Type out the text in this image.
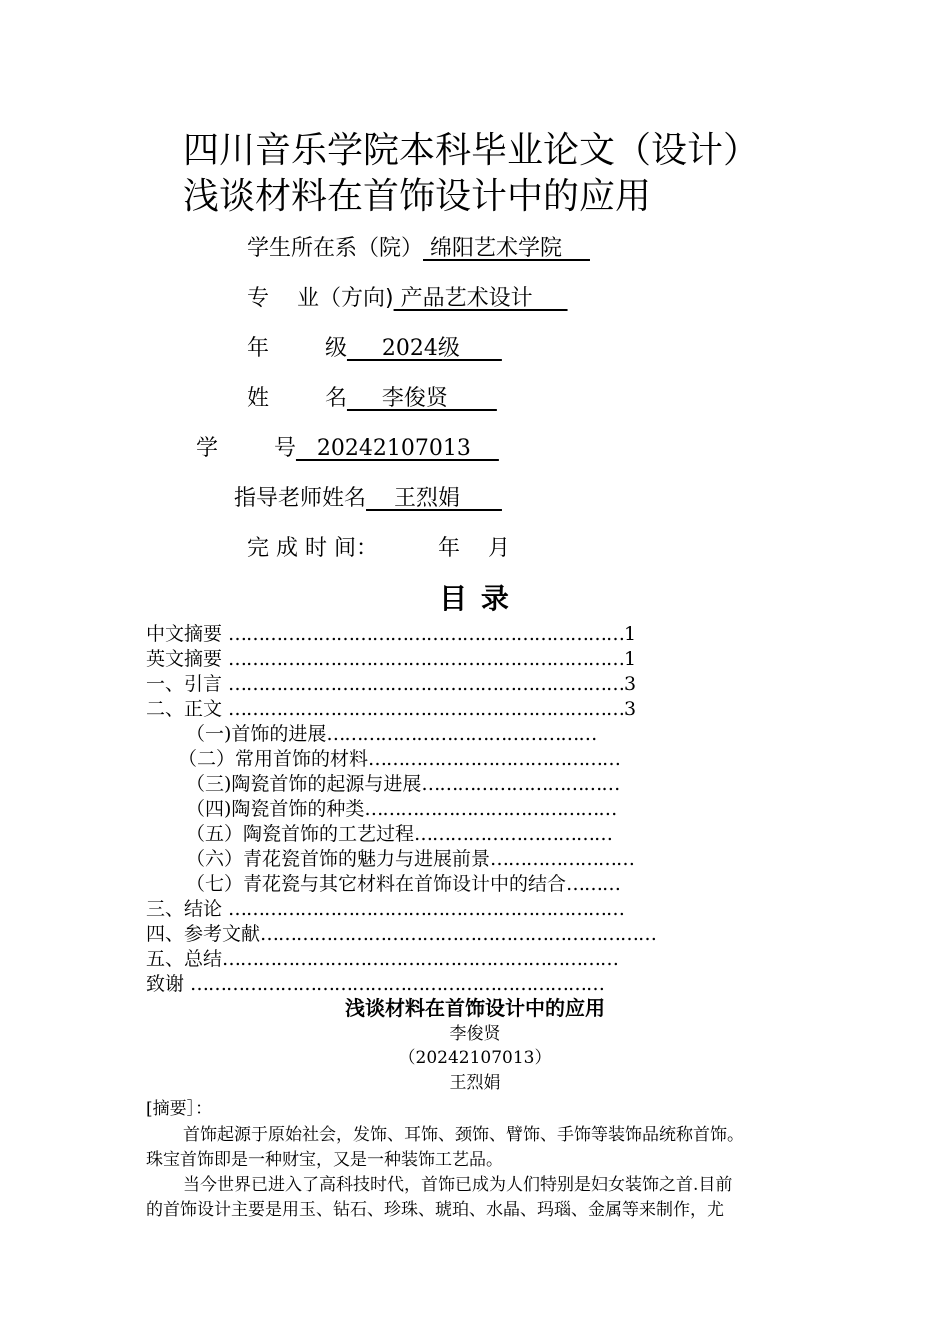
四川音乐学院本科毕业论文（设计）
浅谈材料在首饰设计中的应用
学生所在系（院） 绵阳艺术学院
专    业（方向) 产品艺术设计
年        级     2024级
姓        名     李俊贤
学        号   20242107013
指导老师姓名    王烈娟
完 成 时 间：	年    月
目 录
中文摘要 …………………………………………………………1
英文摘要 …………………………………………………………1
一、引言 …………………………………………………………3
二、正文 …………………………………………………………3
（一)首饰的进展………………………………………
（二）常用首饰的材料……………………………………
（三)陶瓷首饰的起源与进展……………………………
（四)陶瓷首饰的种类……………………………………
（五）陶瓷首饰的工艺过程……………………………
（六）青花瓷首饰的魅力与进展前景……………………
（七）青花瓷与其它材料在首饰设计中的结合………
三、结论 …………………………………………………………
四、参考文献…………………………………………………………
五、总结…………………………………………………………
致谢 ……………………………………………………………
浅谈材料在首饰设计中的应用
李俊贤
（20242107013）
王烈娟
[摘要］：
首饰起源于原始社会，发饰、耳饰、颈饰、臂饰、手饰等装饰品统称首饰。
珠宝首饰即是一种财宝，又是一种装饰工艺品。
当今世界已进入了高科技时代，首饰已成为人们特别是妇女装饰之首.目前
的首饰设计主要是用玉、钻石、珍珠、琥珀、水晶、玛瑙、金属等来制作，尤
